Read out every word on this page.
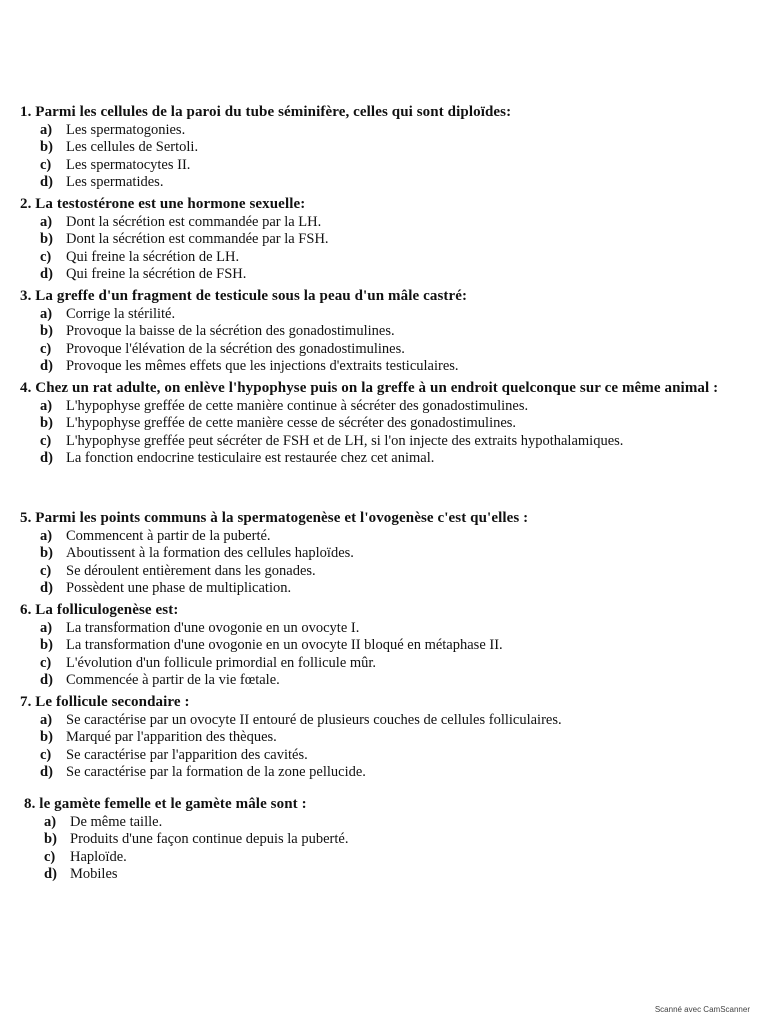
1. Parmi les cellules de la paroi du tube séminifère, celles qui sont diploïdes:
a) Les spermatogonies.
b) Les cellules de Sertoli.
c)	Les spermatocytes II.
d) Les spermatides.
2. La testostérone est une hormone sexuelle:
a) Dont la sécrétion est commandée par la LH.
b) Dont la sécrétion est commandée par la FSH.
c)	Qui freine la sécrétion de LH.
d) Qui freine la sécrétion de FSH.
3. La greffe d'un fragment de testicule sous la peau d'un mâle castré:
a) Corrige la stérilité.
b) Provoque la baisse de la sécrétion des gonadostimulines.
c)	Provoque l'élévation de la sécrétion des gonadostimulines.
d) Provoque les mêmes effets que les injections d'extraits testiculaires.
4. Chez un rat adulte, on enlève l'hypophyse puis on la greffe à un endroit quelconque sur ce même animal :
a) L'hypophyse greffée de cette manière continue à sécréter des gonadostimulines.
b) L'hypophyse greffée de cette manière cesse de sécréter des gonadostimulines.
c)	L'hypophyse greffée peut sécréter de FSH et de LH, si l'on injecte des extraits hypothalamiques.
d) La fonction endocrine testiculaire est restaurée chez cet animal.
5. Parmi les points communs à la spermatogenèse et l'ovogenèse c'est qu'elles :
a) Commencent à partir de la puberté.
b) Aboutissent à la formation des cellules haploïdes.
c)	Se déroulent entièrement dans les gonades.
d) Possèdent une phase de multiplication.
6. La folliculogenèse est:
a) La transformation d'une ovogonie en un ovocyte I.
b) La transformation d'une ovogonie en un ovocyte II bloqué en métaphase II.
c)	L'évolution d'un follicule primordial en follicule mûr.
d) Commencée à partir de la vie fœtale.
7. Le follicule secondaire :
a) Se caractérise par un ovocyte II entouré de plusieurs couches de cellules folliculaires.
b) Marqué par l'apparition des thèques.
c)	Se caractérise par l'apparition des cavités.
d) Se caractérise par la formation de la zone pellucide.
8. le gamète femelle et le gamète mâle sont :
a) De même taille.
b) Produits d'une façon continue depuis la puberté.
c)	Haploïde.
d) Mobiles
Scanné avec CamScanner
